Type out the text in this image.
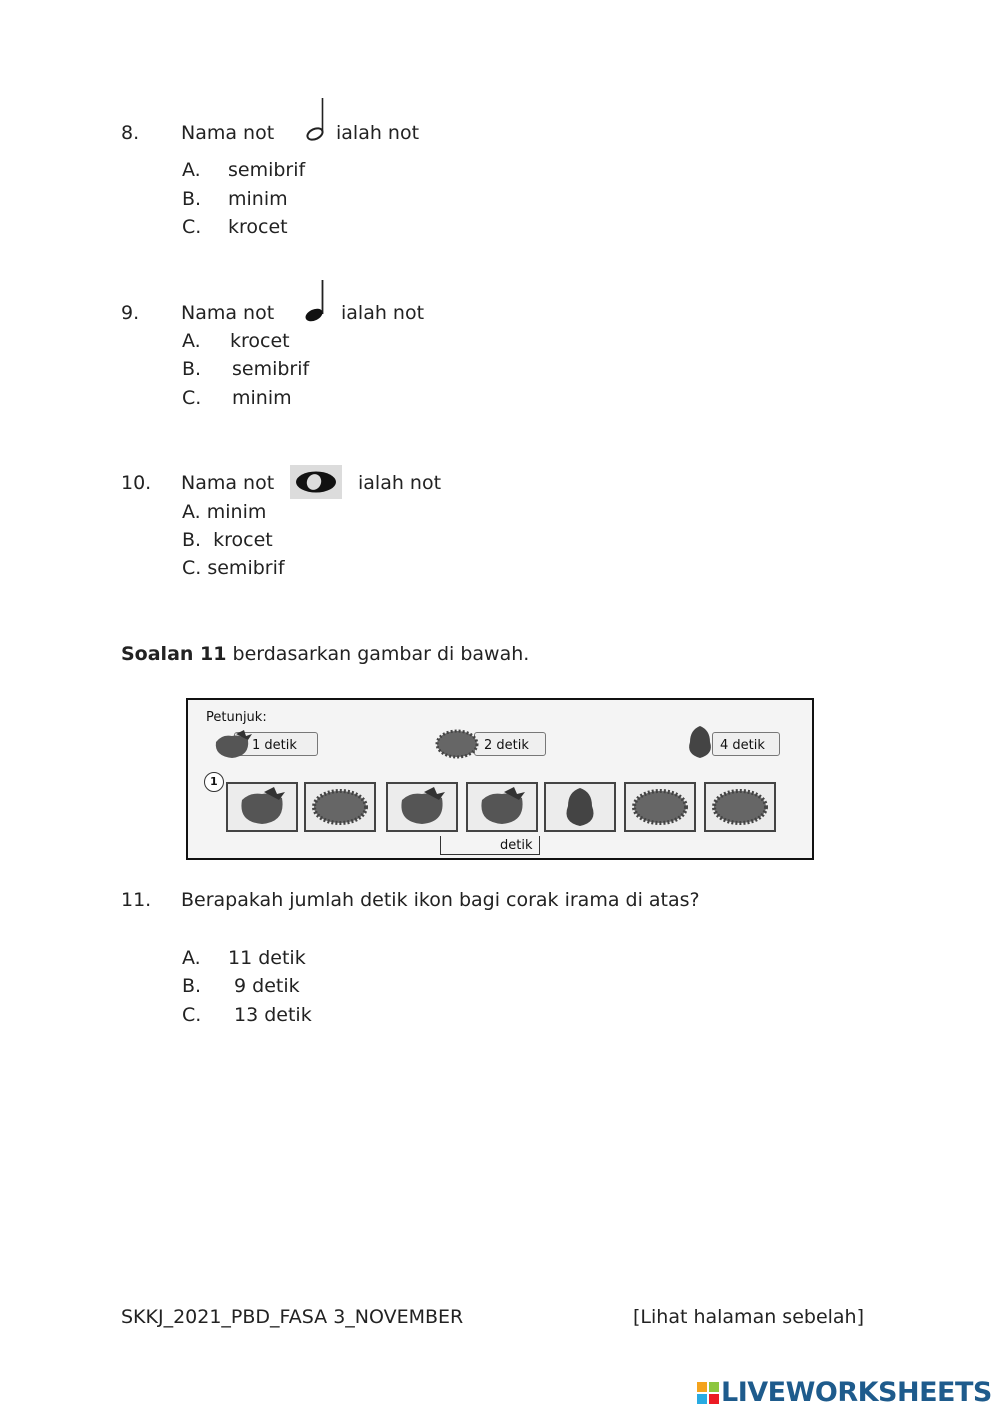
8. Nama not	ialah not
A. semibrif
B. minim
C. krocet
9. Nama not	ialah not
A. krocet
B. semibrif
C. minim
10. Nama not	ialah not
A. minim
B.  krocet
C. semibrif
Soalan 11 berdasarkan gambar di bawah.
Petunjuk:
1 detik	2 detik	4 detik
1
detik
11. Berapakah jumlah detik ikon bagi corak irama di atas?
A. 11 detik
B. 9 detik
C. 13 detik
SKKJ_2021_PBD_FASA 3_NOVEMBER	[Lihat halaman sebelah]
LIVEWORKSHEETS
